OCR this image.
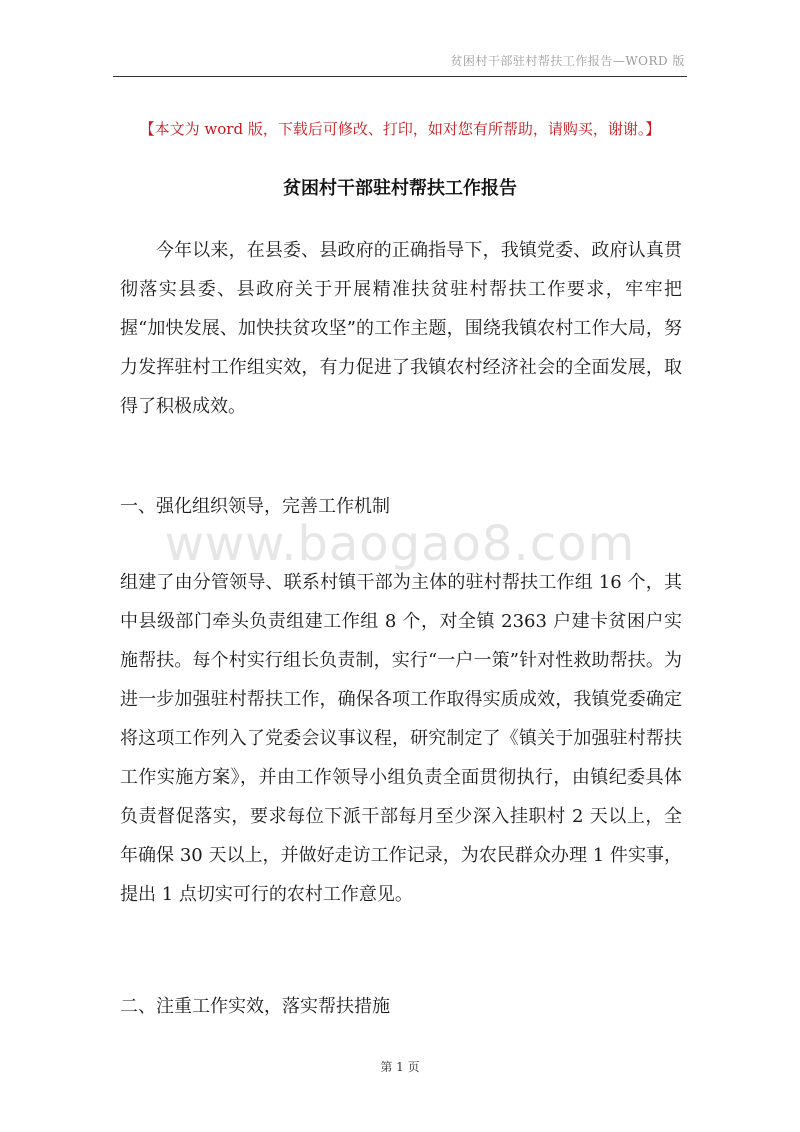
贫困村干部驻村帮扶工作报告—WORD 版
【本文为 word 版，下载后可修改、打印，如对您有所帮助，请购买，谢谢。】
贫困村干部驻村帮扶工作报告

今年以来，在县委、县政府的正确指导下，我镇党委、政府认真贯彻落实县委、县政府关于开展精准扶贫驻村帮扶工作要求，牢牢把握“加快发展、加快扶贫攻坚”的工作主题，围绕我镇农村工作大局，努力发挥驻村工作组实效，有力促进了我镇农村经济社会的全面发展，取得了积极成效。

www.baogao8.com

一、强化组织领导，完善工作机制

组建了由分管领导、联系村镇干部为主体的驻村帮扶工作组 16 个，其中县级部门牵头负责组建工作组 8 个，对全镇 2363 户建卡贫困户实施帮扶。每个村实行组长负责制，实行“一户一策”针对性救助帮扶。为进一步加强驻村帮扶工作，确保各项工作取得实质成效，我镇党委确定将这项工作列入了党委会议事议程，研究制定了《镇关于加强驻村帮扶工作实施方案》，并由工作领导小组负责全面贯彻执行，由镇纪委具体负责督促落实，要求每位下派干部每月至少深入挂职村 2 天以上，全年确保 30 天以上，并做好走访工作记录，为农民群众办理 1 件实事，提出 1 点切实可行的农村工作意见。

二、注重工作实效，落实帮扶措施

第 1 页
